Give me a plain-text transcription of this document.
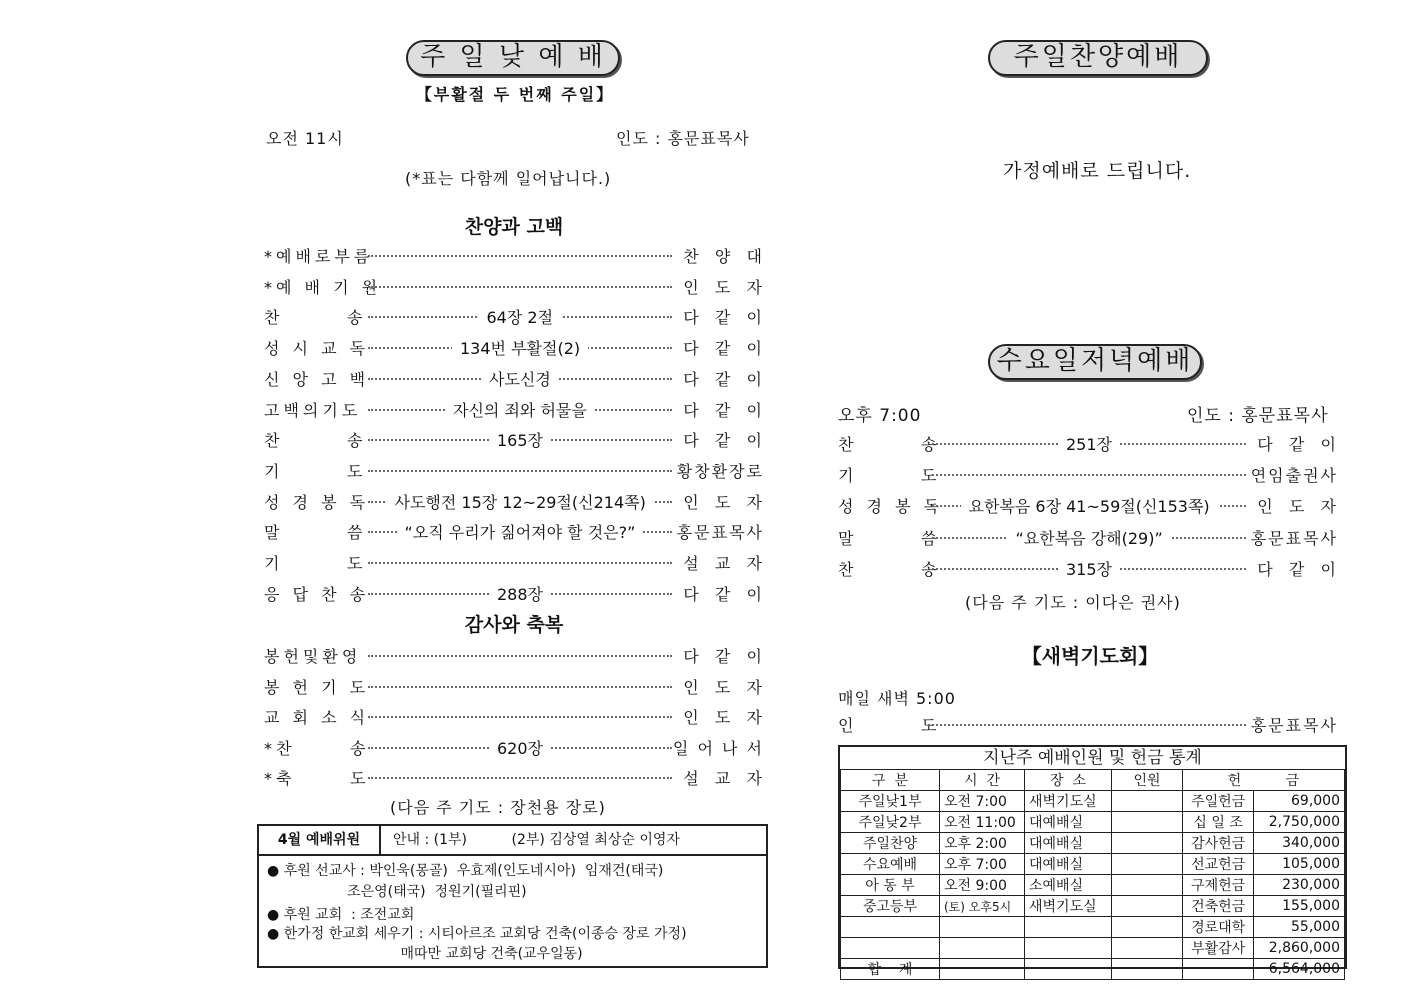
주 일 낮 예 배
【부활절 두 번째 주일】
오전 11시	인도 : 홍문표목사
(*표는 다함께 일어납니다.)
찬양과 고백
*예배로부름	찬  양  대
*예 배 기 원	인  도  자
찬       송	64장 2절	다  같  이
성 시 교 독	134번 부활절(2)	다  같  이
신 앙 고 백	사도신경	다  같  이
고백의기도	자신의 죄와 허물을	다  같  이
찬       송	165장	다  같  이
기       도	황창환장로
성 경 봉 독	사도행전 15장 12~29절(신214쪽)	인  도  자
말       씀	“오직 우리가 짊어져야 할 것은?”	홍문표목사
기       도	설  교  자
응 답 찬 송	288장	다  같  이
감사와 축복
봉헌및환영	다  같  이
봉 헌 기 도	인  도  자
교 회 소 식	인  도  자
*찬      송	620장	일 어 나 서
*축      도	설  교  자
(다음 주 기도 : 장천용 장로)
4월 예배위원	안내 : (1부)          (2부) 김상열 최상순 이영자
● 후원 선교사 : 박인욱(몽골)  우효제(인도네시아)  임재건(태국)
조은영(태국)  정원기(필리핀)
● 후원 교회  : 조전교회
● 한가정 한교회 세우기 : 시티아르조 교회당 건축(이종승 장로 가정)
매따만 교회당 건축(교우일동)
주일찬양예배
가정예배로 드립니다.
수요일저녁예배
오후 7:00	인도 : 홍문표목사
찬       송	251장	다  같  이
기       도	연임출권사
성 경 봉 독	요한복음 6장 41~59절(신153쪽)	인  도  자
말       씀	“요한복음 강해(29)”	홍문표목사
찬       송	315장	다  같  이
(다음 주 기도 : 이다은 권사)
【새벽기도회】
매일 새벽 5:00
인       도	홍문표목사
지난주 예배인원 및 헌금 통계
구  분	시  간	장  소	인원	헌          금	
주일낮1부	오전 7:00	새벽기도실		주일헌금	69,000
주일낮2부	오전 11:00	대예배실		십 일 조	2,750,000
주일찬양	오후 2:00	대예배실		감사헌금	340,000
수요예배	오후 7:00	대예배실		선교헌금	105,000
아 동 부	오전 9:00	소예배실		구제헌금	230,000
중고등부	(토) 오후5시	새벽기도실		건축헌금	155,000
				경로대학	55,000
				부활감사	2,860,000
합    계					6,564,000
